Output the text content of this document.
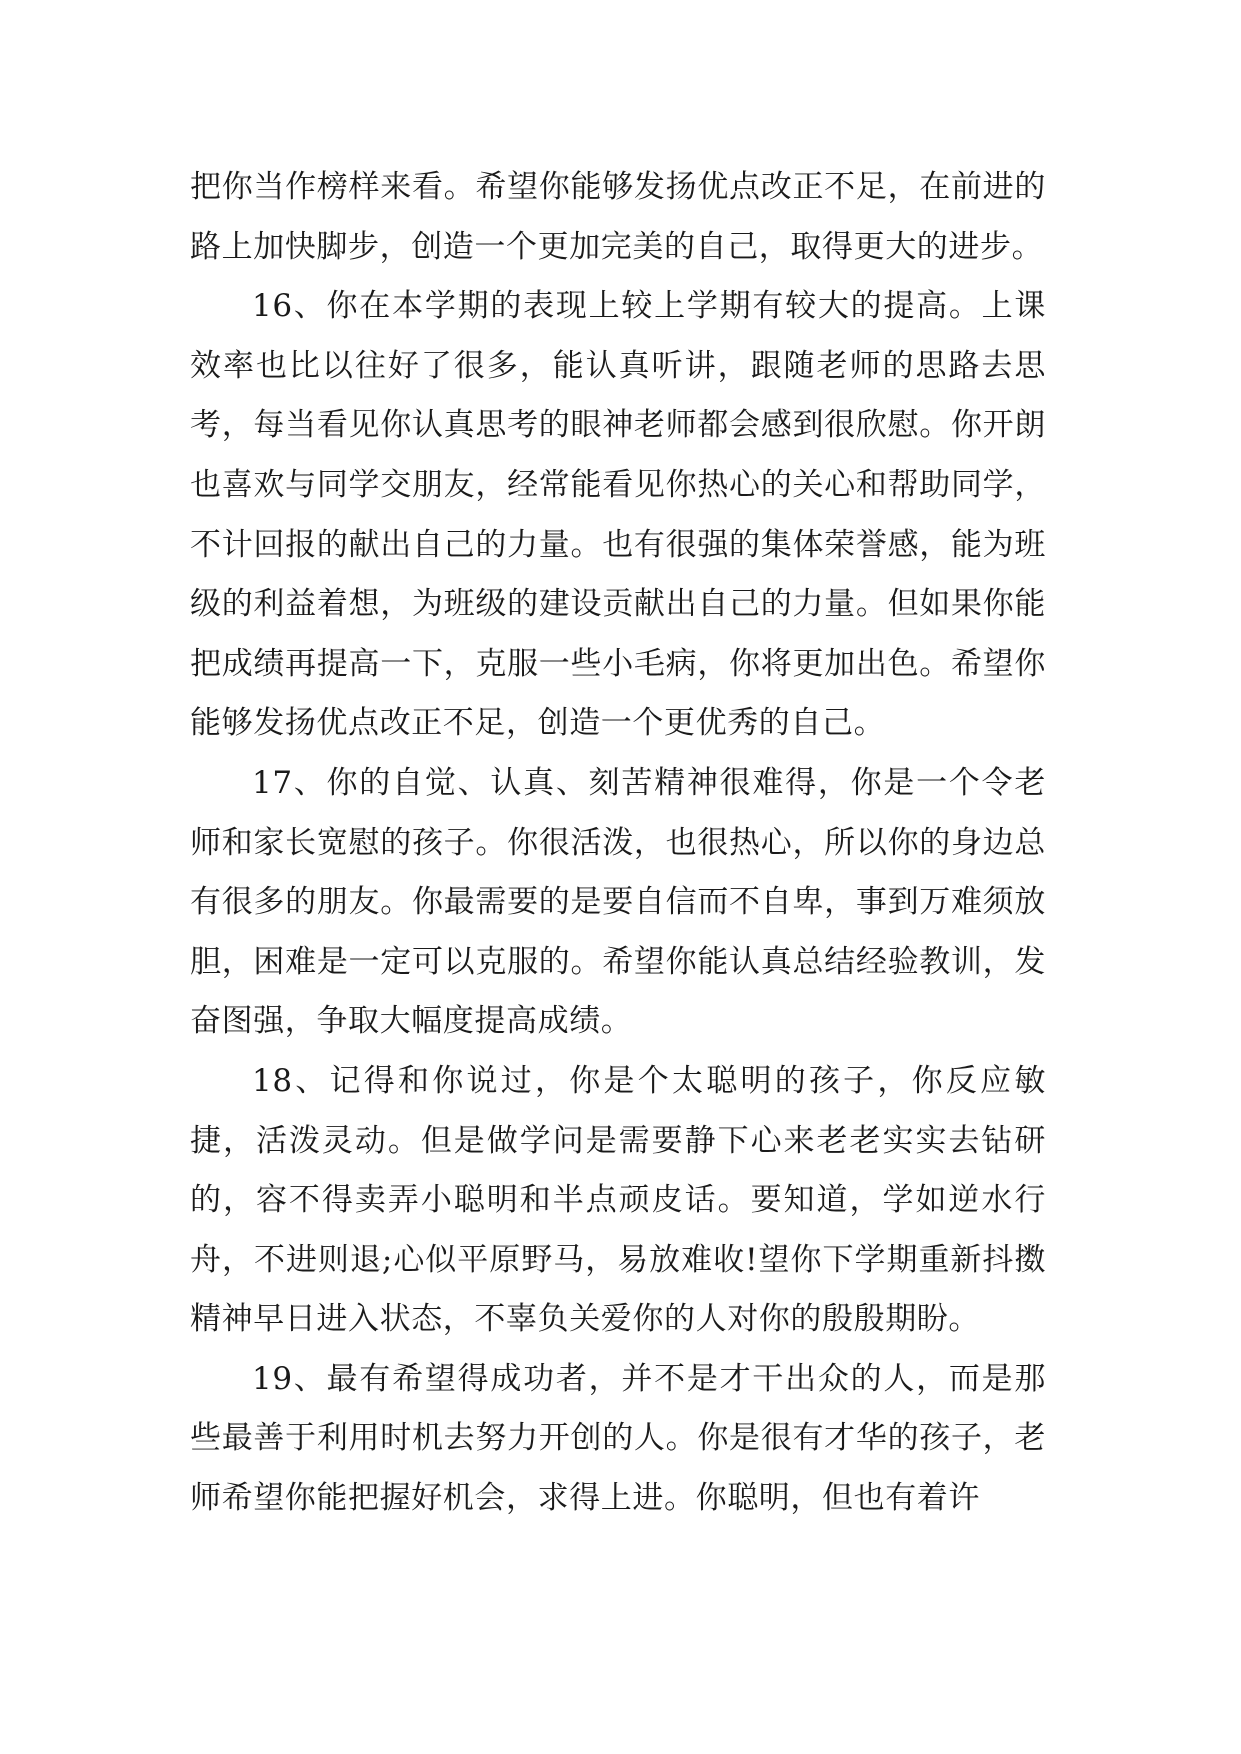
把你当作榜样来看。希望你能够发扬优点改正不足，在前进的路上加快脚步，创造一个更加完美的自己，取得更大的进步。

16、你在本学期的表现上较上学期有较大的提高。上课效率也比以往好了很多，能认真听讲，跟随老师的思路去思考，每当看见你认真思考的眼神老师都会感到很欣慰。你开朗也喜欢与同学交朋友，经常能看见你热心的关心和帮助同学，不计回报的献出自己的力量。也有很强的集体荣誉感，能为班级的利益着想，为班级的建设贡献出自己的力量。但如果你能把成绩再提高一下，克服一些小毛病，你将更加出色。希望你能够发扬优点改正不足，创造一个更优秀的自己。

17、你的自觉、认真、刻苦精神很难得，你是一个令老师和家长宽慰的孩子。你很活泼，也很热心，所以你的身边总有很多的朋友。你最需要的是要自信而不自卑，事到万难须放胆，困难是一定可以克服的。希望你能认真总结经验教训，发奋图强，争取大幅度提高成绩。

18、记得和你说过，你是个太聪明的孩子，你反应敏捷，活泼灵动。但是做学问是需要静下心来老老实实去钻研的，容不得卖弄小聪明和半点顽皮话。要知道，学如逆水行舟，不进则退;心似平原野马，易放难收!望你下学期重新抖擞精神早日进入状态，不辜负关爱你的人对你的殷殷期盼。

19、最有希望得成功者，并不是才干出众的人，而是那些最善于利用时机去努力开创的人。你是很有才华的孩子，老师希望你能把握好机会，求得上进。你聪明，但也有着许
